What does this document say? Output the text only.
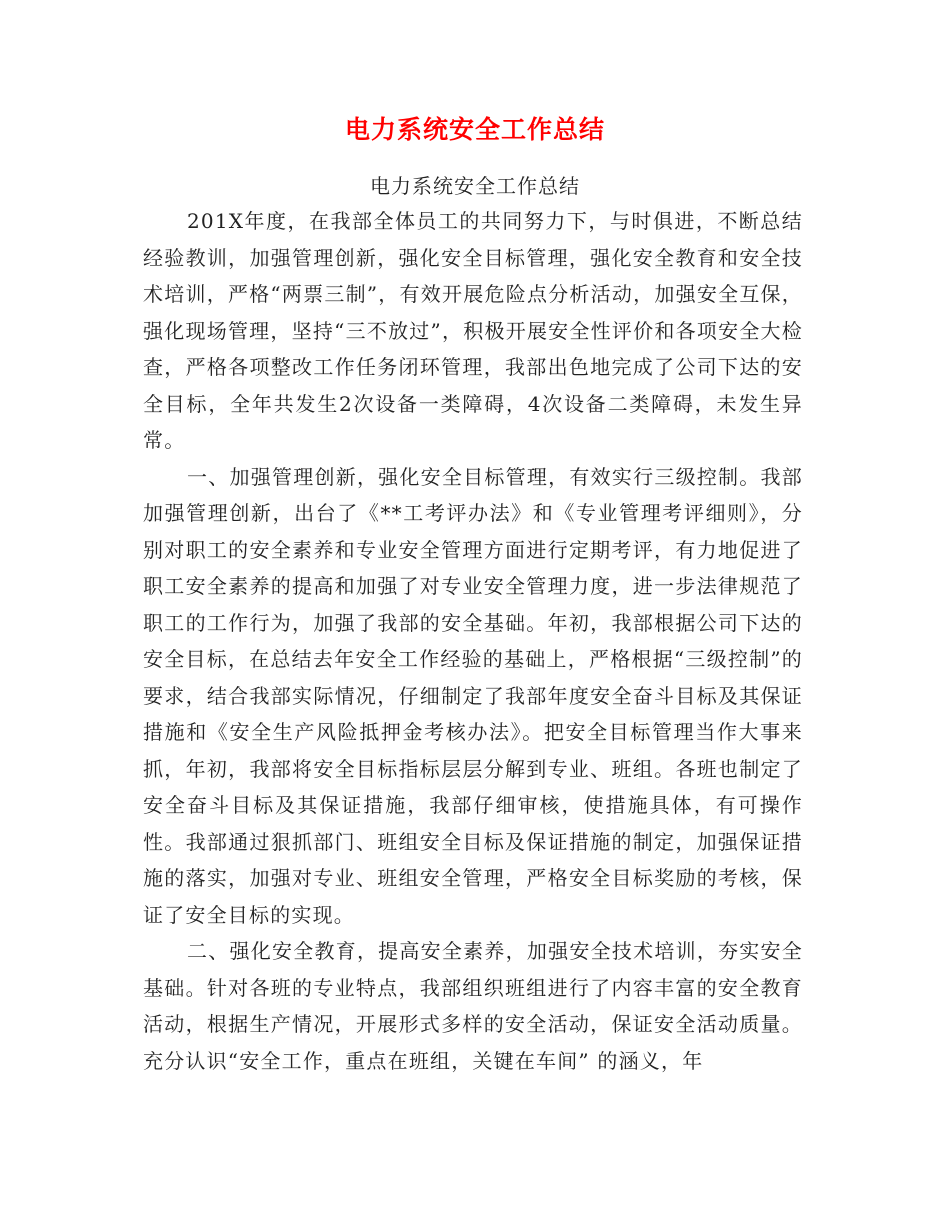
电力系统安全工作总结
电力系统安全工作总结

201X年度，在我部全体员工的共同努力下，与时俱进，不断总结经验教训，加强管理创新，强化安全目标管理，强化安全教育和安全技术培训，严格“两票三制”，有效开展危险点分析活动，加强安全互保，强化现场管理，坚持“三不放过”，积极开展安全性评价和各项安全大检查，严格各项整改工作任务闭环管理，我部出色地完成了公司下达的安全目标，全年共发生2次设备一类障碍，4次设备二类障碍，未发生异常。

一、加强管理创新，强化安全目标管理，有效实行三级控制。我部加强管理创新，出台了《**工考评办法》和《专业管理考评细则》，分别对职工的安全素养和专业安全管理方面进行定期考评，有力地促进了职工安全素养的提高和加强了对专业安全管理力度，进一步法律规范了职工的工作行为，加强了我部的安全基础。年初，我部根据公司下达的安全目标，在总结去年安全工作经验的基础上，严格根据“三级控制”的要求，结合我部实际情况，仔细制定了我部年度安全奋斗目标及其保证措施和《安全生产风险抵押金考核办法》。把安全目标管理当作大事来抓，年初，我部将安全目标指标层层分解到专业、班组。各班也制定了安全奋斗目标及其保证措施，我部仔细审核，使措施具体，有可操作性。我部通过狠抓部门、班组安全目标及保证措施的制定，加强保证措施的落实，加强对专业、班组安全管理，严格安全目标奖励的考核，保证了安全目标的实现。

二、强化安全教育，提高安全素养，加强安全技术培训，夯实安全基础。针对各班的专业特点，我部组织班组进行了内容丰富的安全教育活动，根据生产情况，开展形式多样的安全活动，保证安全活动质量。充分认识“安全工作，重点在班组，关键在车间” 的涵义，年
